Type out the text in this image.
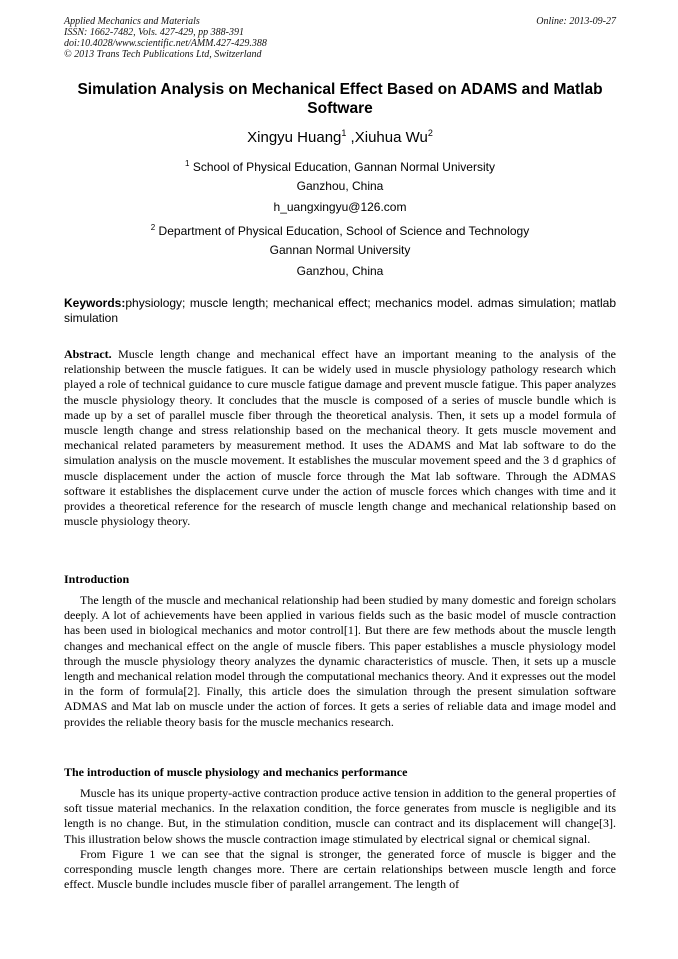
Applied Mechanics and Materials
ISSN: 1662-7482, Vols. 427-429, pp 388-391
doi:10.4028/www.scientific.net/AMM.427-429.388
© 2013 Trans Tech Publications Ltd, Switzerland
Online: 2013-09-27
Simulation Analysis on Mechanical Effect Based on ADAMS and Matlab Software
Xingyu Huang$^1$ ,Xiuhua Wu$^2$
$^1$ School of Physical Education, Gannan Normal University
Ganzhou, China
h_uangxingyu@126.com
$^2$ Department of Physical Education, School of Science and Technology
Gannan Normal University
Ganzhou, China
Keywords:physiology; muscle length; mechanical effect; mechanics model. admas simulation; matlab simulation

Abstract. Muscle length change and mechanical effect have an important meaning to the analysis of the relationship between the muscle fatigues. It can be widely used in muscle physiology pathology research which played a role of technical guidance to cure muscle fatigue damage and prevent muscle fatigue. This paper analyzes the muscle physiology theory. It concludes that the muscle is composed of a series of muscle bundle which is made up by a set of parallel muscle fiber through the theoretical analysis. Then, it sets up a model formula of muscle length change and stress relationship based on the mechanical theory. It gets muscle movement and mechanical related parameters by measurement method. It uses the ADAMS and Mat lab software to do the simulation analysis on the muscle movement. It establishes the muscular movement speed and the 3 d graphics of muscle displacement under the action of muscle force through the Mat lab software. Through the ADMAS software it establishes the displacement curve under the action of muscle forces which changes with time and it provides a theoretical reference for the research of muscle length change and mechanical relationship based on muscle physiology theory.

Introduction

The length of the muscle and mechanical relationship had been studied by many domestic and foreign scholars deeply. A lot of achievements have been applied in various fields such as the basic model of muscle contraction has been used in biological mechanics and motor control[1]. But there are few methods about the muscle length changes and mechanical effect on the angle of muscle fibers. This paper establishes a muscle physiology model through the muscle physiology theory analyzes the dynamic characteristics of muscle. Then, it sets up a muscle length and mechanical relation model through the computational mechanics theory. And it expresses out the model in the form of formula[2]. Finally, this article does the simulation through the present simulation software ADMAS and Mat lab on muscle under the action of forces. It gets a series of reliable data and image model and provides the reliable theory basis for the muscle mechanics research.

The introduction of muscle physiology and mechanics performance

Muscle has its unique property-active contraction produce active tension in addition to the general properties of soft tissue material mechanics. In the relaxation condition, the force generates from muscle is negligible and its length is no change. But, in the stimulation condition, muscle can contract and its displacement will change[3]. This illustration below shows the muscle contraction image stimulated by electrical signal or chemical signal.

From Figure 1 we can see that the signal is stronger, the generated force of muscle is bigger and the corresponding muscle length changes more. There are certain relationships between muscle length and force effect. Muscle bundle includes muscle fiber of parallel arrangement. The length of
